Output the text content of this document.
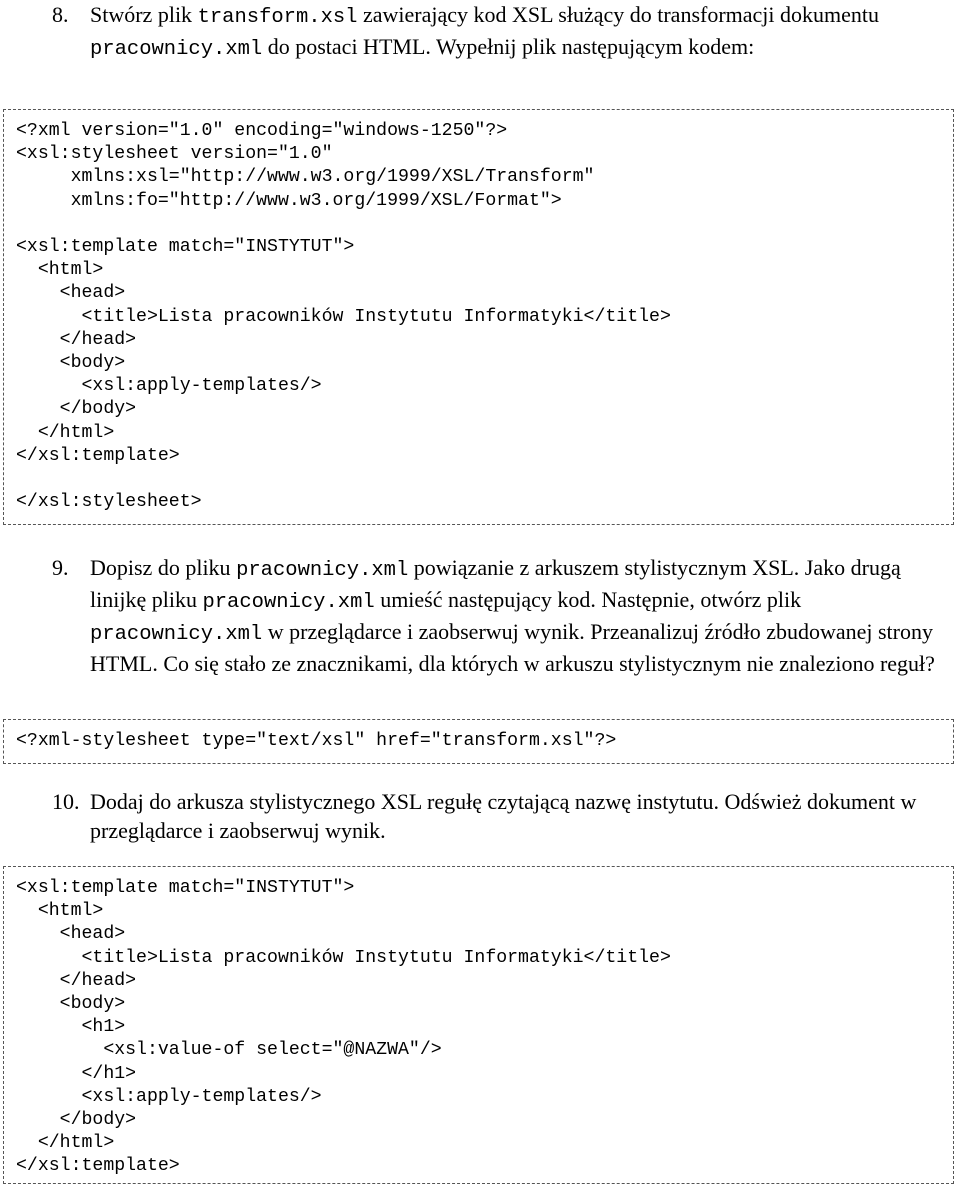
8. Stwórz plik transform.xsl zawierający kod XSL służący do transformacji dokumentu pracownicy.xml do postaci HTML. Wypełnij plik następującym kodem:
<?xml version="1.0" encoding="windows-1250"?>
<xsl:stylesheet version="1.0"
xmlns:xsl="http://www.w3.org/1999/XSL/Transform"
xmlns:fo="http://www.w3.org/1999/XSL/Format">

<xsl:template match="INSTYTUT">
<html>
<head>
<title>Lista pracowników Instytutu Informatyki</title>
</head>
<body>
<xsl:apply-templates/>
</body>
</html>
</xsl:template>

</xsl:stylesheet>
9. Dopisz do pliku pracownicy.xml powiązanie z arkuszem stylistycznym XSL. Jako drugą linijkę pliku pracownicy.xml umieść następujący kod. Następnie, otwórz plik pracownicy.xml w przeglądarce i zaobserwuj wynik. Przeanalizuj źródło zbudowanej strony HTML. Co się stało ze znacznikami, dla których w arkuszu stylistycznym nie znaleziono reguł?
<?xml-stylesheet type="text/xsl" href="transform.xsl"?>
10. Dodaj do arkusza stylistycznego XSL regułę czytającą nazwę instytutu. Odśwież dokument w przeglądarce i zaobserwuj wynik.
<xsl:template match="INSTYTUT">
<html>
<head>
<title>Lista pracowników Instytutu Informatyki</title>
</head>
<body>
<h1>
<xsl:value-of select="@NAZWA"/>
</h1>
<xsl:apply-templates/>
</body>
</html>
</xsl:template>
